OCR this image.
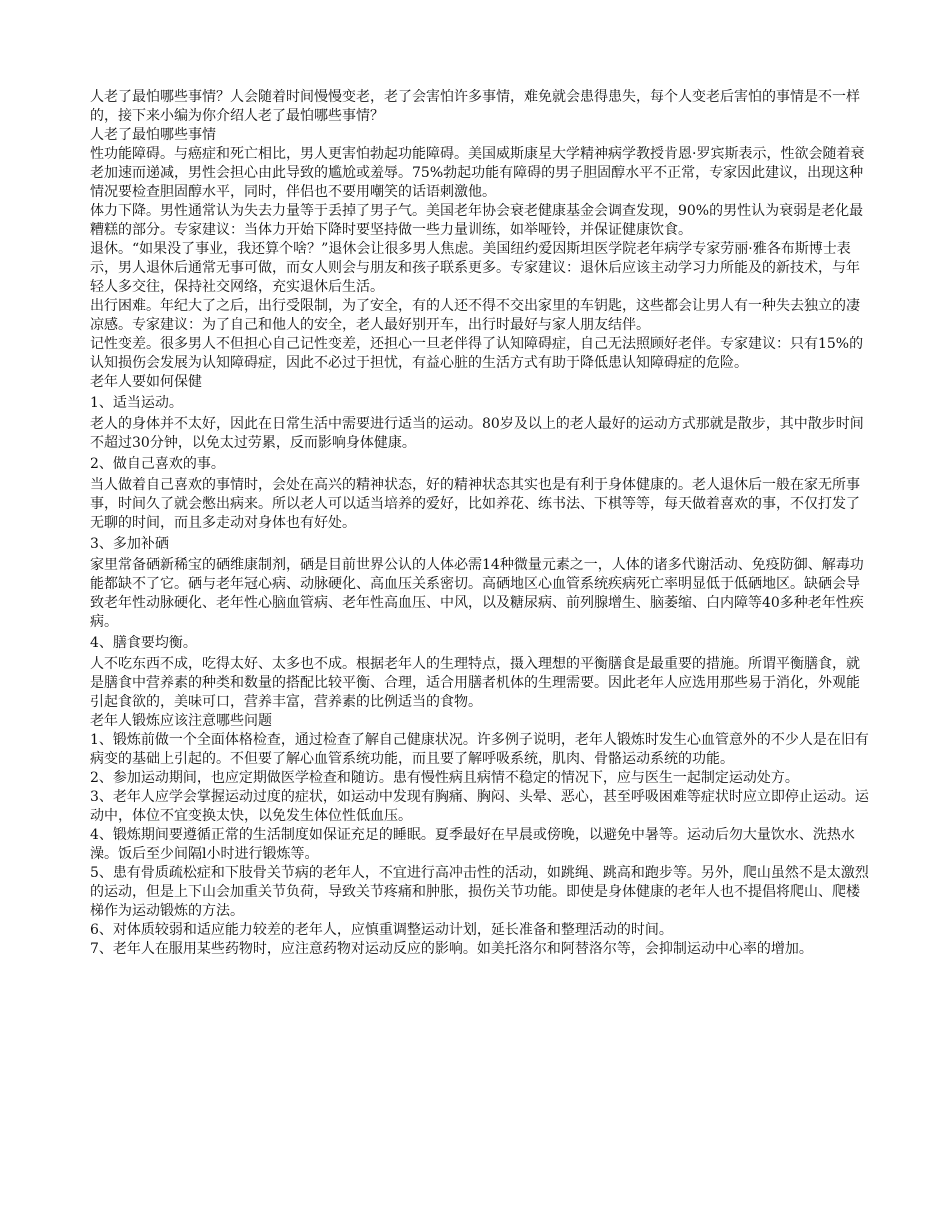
人老了最怕哪些事情？人会随着时间慢慢变老，老了会害怕许多事情，难免就会患得患失，每个人变老后害怕的事情是不一样的，接下来小编为你介绍人老了最怕哪些事情？

人老了最怕哪些事情

性功能障碍。与癌症和死亡相比，男人更害怕勃起功能障碍。美国威斯康星大学精神病学教授肯恩·罗宾斯表示，性欲会随着衰老加速而递减，男性会担心由此导致的尴尬或羞辱。75%勃起功能有障碍的男子胆固醇水平不正常，专家因此建议，出现这种情况要检查胆固醇水平，同时，伴侣也不要用嘲笑的话语刺激他。

体力下降。男性通常认为失去力量等于丢掉了男子气。美国老年协会衰老健康基金会调查发现，90%的男性认为衰弱是老化最糟糕的部分。专家建议：当体力开始下降时要坚持做一些力量训练，如举哑铃，并保证健康饮食。

退休。“如果没了事业，我还算个啥？”退休会让很多男人焦虑。美国纽约爱因斯坦医学院老年病学专家劳丽·雅各布斯博士表示，男人退休后通常无事可做，而女人则会与朋友和孩子联系更多。专家建议：退休后应该主动学习力所能及的新技术，与年轻人多交往，保持社交网络，充实退休后生活。

出行困难。年纪大了之后，出行受限制，为了安全，有的人还不得不交出家里的车钥匙，这些都会让男人有一种失去独立的凄凉感。专家建议：为了自己和他人的安全，老人最好别开车，出行时最好与家人朋友结伴。

记性变差。很多男人不但担心自己记性变差，还担心一旦老伴得了认知障碍症，自己无法照顾好老伴。专家建议：只有15%的认知损伤会发展为认知障碍症，因此不必过于担忧，有益心脏的生活方式有助于降低患认知障碍症的危险。

老年人要如何保健

1、适当运动。

老人的身体并不太好，因此在日常生活中需要进行适当的运动。80岁及以上的老人最好的运动方式那就是散步，其中散步时间不超过30分钟，以免太过劳累，反而影响身体健康。

2、做自己喜欢的事。

当人做着自己喜欢的事情时，会处在高兴的精神状态，好的精神状态其实也是有利于身体健康的。老人退休后一般在家无所事事，时间久了就会憋出病来。所以老人可以适当培养的爱好，比如养花、练书法、下棋等等，每天做着喜欢的事，不仅打发了无聊的时间，而且多走动对身体也有好处。

3、多加补硒

家里常备硒新稀宝的硒维康制剂，硒是目前世界公认的人体必需14种微量元素之一，人体的诸多代谢活动、免疫防御、解毒功能都缺不了它。硒与老年冠心病、动脉硬化、高血压关系密切。高硒地区心血管系统疾病死亡率明显低于低硒地区。缺硒会导致老年性动脉硬化、老年性心脑血管病、老年性高血压、中风，以及糖尿病、前列腺增生、脑萎缩、白内障等40多种老年性疾病。

4、膳食要均衡。

人不吃东西不成，吃得太好、太多也不成。根据老年人的生理特点，摄入理想的平衡膳食是最重要的措施。所谓平衡膳食，就是膳食中营养素的种类和数量的搭配比较平衡、合理，适合用膳者机体的生理需要。因此老年人应选用那些易于消化，外观能引起食欲的，美味可口，营养丰富，营养素的比例适当的食物。

老年人锻炼应该注意哪些问题

1、锻炼前做一个全面体格检查，通过检查了解自己健康状况。许多例子说明，老年人锻炼时发生心血管意外的不少人是在旧有病变的基础上引起的。不但要了解心血管系统功能，而且要了解呼吸系统，肌肉、骨骼运动系统的功能。

2、参加运动期间，也应定期做医学检查和随访。患有慢性病且病情不稳定的情况下，应与医生一起制定运动处方。

3、老年人应学会掌握运动过度的症状，如运动中发现有胸痛、胸闷、头晕、恶心，甚至呼吸困难等症状时应立即停止运动。运动中，体位不宜变换太快，以免发生体位性低血压。

4、锻炼期间要遵循正常的生活制度如保证充足的睡眠。夏季最好在早晨或傍晚，以避免中暑等。运动后勿大量饮水、洗热水澡。饭后至少间隔l小时进行锻炼等。

5、患有骨质疏松症和下肢骨关节病的老年人，不宜进行高冲击性的活动，如跳绳、跳高和跑步等。另外，爬山虽然不是太激烈的运动，但是上下山会加重关节负荷，导致关节疼痛和肿胀，损伤关节功能。即使是身体健康的老年人也不提倡将爬山、爬楼梯作为运动锻炼的方法。

6、对体质较弱和适应能力较差的老年人，应慎重调整运动计划，延长准备和整理活动的时间。

7、老年人在服用某些药物时，应注意药物对运动反应的影响。如美托洛尔和阿替洛尔等，会抑制运动中心率的增加。
